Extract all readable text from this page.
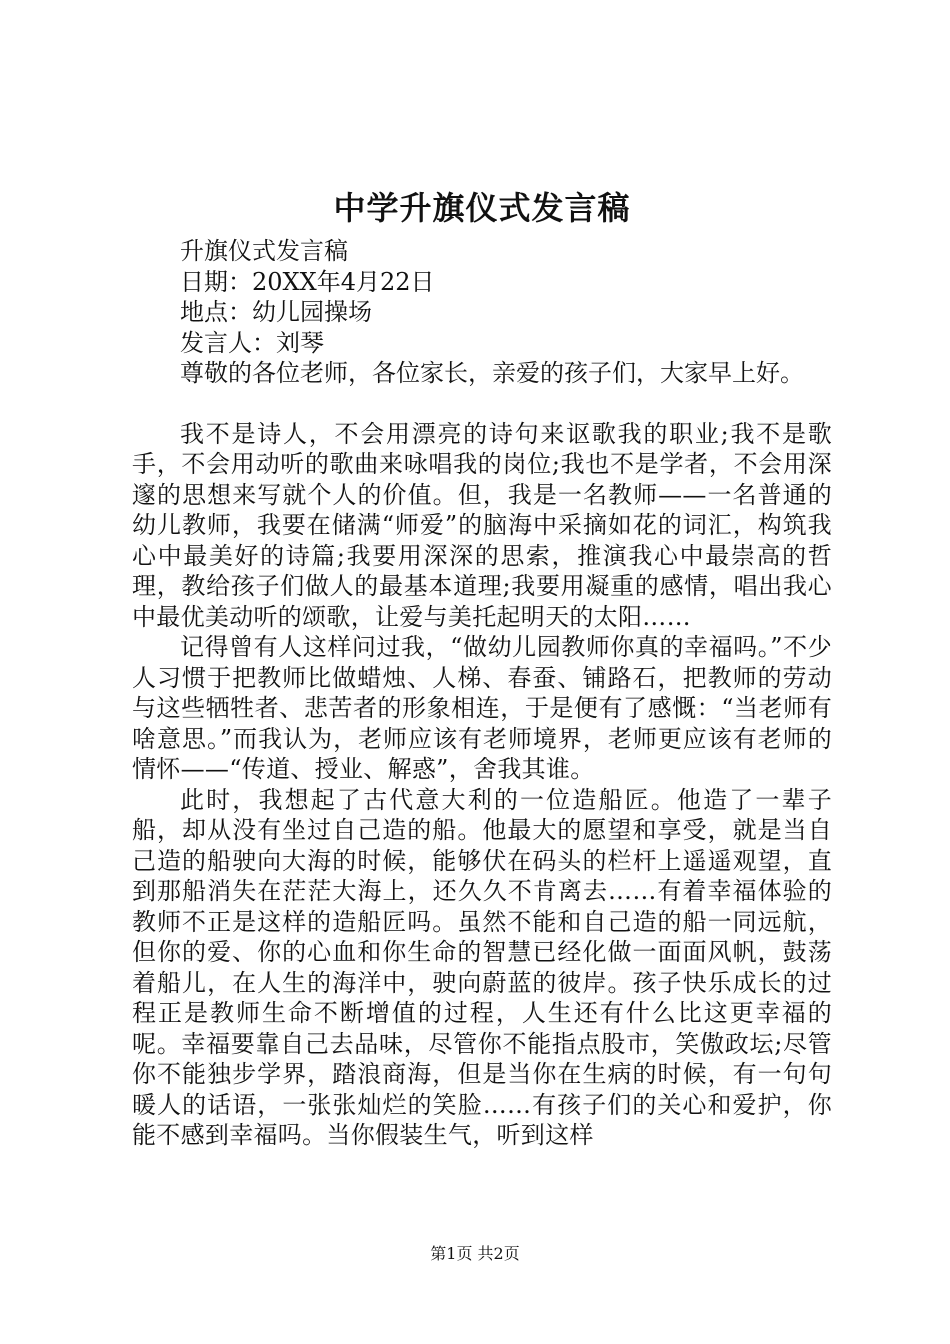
中学升旗仪式发言稿
升旗仪式发言稿
日期：20XX年4月22日
地点：幼儿园操场
发言人：刘琴
尊敬的各位老师，各位家长，亲爱的孩子们，大家早上好。

我不是诗人，不会用漂亮的诗句来讴歌我的职业;我不是歌手，不会用动听的歌曲来咏唱我的岗位;我也不是学者，不会用深邃的思想来写就个人的价值。但，我是一名教师——一名普通的幼儿教师，我要在储满“师爱”的脑海中采摘如花的词汇，构筑我心中最美好的诗篇;我要用深深的思索，推演我心中最崇高的哲理，教给孩子们做人的最基本道理;我要用凝重的感情，唱出我心中最优美动听的颂歌，让爱与美托起明天的太阳……

记得曾有人这样问过我，“做幼儿园教师你真的幸福吗。”不少人习惯于把教师比做蜡烛、人梯、春蚕、铺路石，把教师的劳动与这些牺牲者、悲苦者的形象相连，于是便有了感慨：“当老师有啥意思。”而我认为，老师应该有老师境界，老师更应该有老师的情怀——“传道、授业、解惑”，舍我其谁。

此时，我想起了古代意大利的一位造船匠。他造了一辈子船，却从没有坐过自己造的船。他最大的愿望和享受，就是当自己造的船驶向大海的时候，能够伏在码头的栏杆上遥遥观望，直到那船消失在茫茫大海上，还久久不肯离去……有着幸福体验的教师不正是这样的造船匠吗。虽然不能和自己造的船一同远航，但你的爱、你的心血和你生命的智慧已经化做一面面风帆，鼓荡着船儿，在人生的海洋中，驶向蔚蓝的彼岸。孩子快乐成长的过程正是教师生命不断增值的过程，人生还有什么比这更幸福的呢。幸福要靠自己去品味，尽管你不能指点股市，笑傲政坛;尽管你不能独步学界，踏浪商海，但是当你在生病的时候，有一句句暖人的话语，一张张灿烂的笑脸……有孩子们的关心和爱护，你能不感到幸福吗。当你假装生气，听到这样

第1页 共2页
